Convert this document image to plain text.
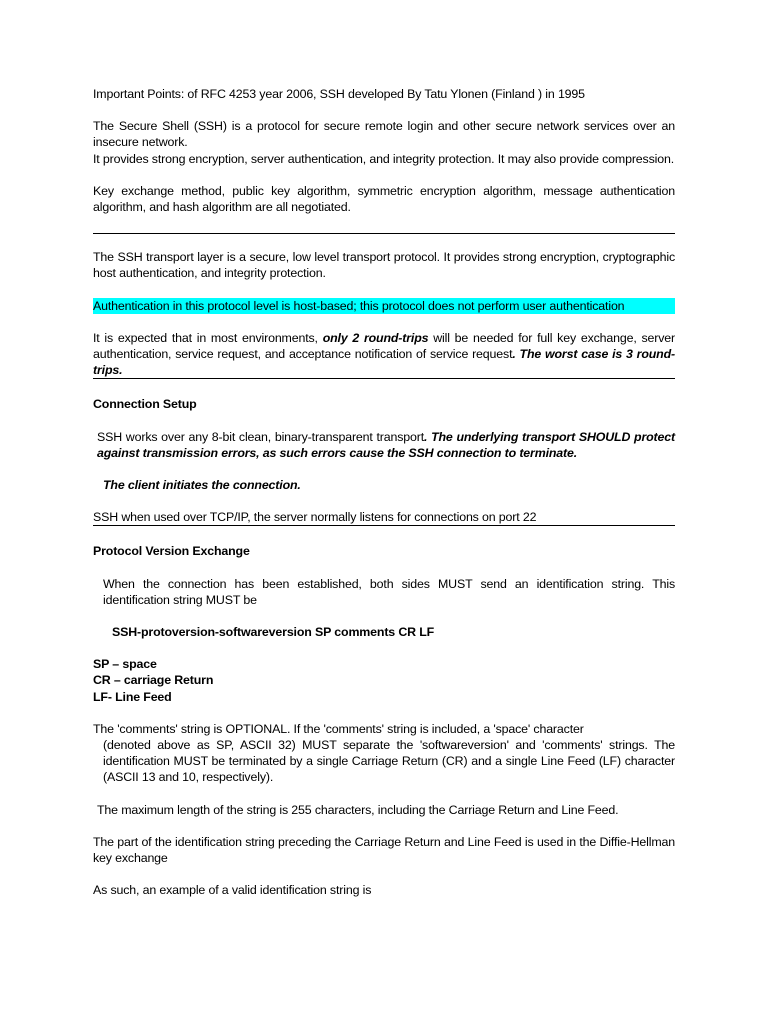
Important Points: of RFC 4253 year 2006, SSH developed By Tatu Ylonen (Finland ) in 1995

The Secure Shell (SSH) is a protocol for secure remote login and other secure network services over an insecure network.

It provides strong encryption, server authentication, and integrity protection. It may also provide compression.

Key exchange method, public key algorithm, symmetric encryption algorithm, message authentication algorithm, and hash algorithm are all negotiated.

The SSH transport layer is a secure, low level transport protocol. It provides strong encryption, cryptographic host authentication, and integrity protection.

Authentication in this protocol level is host-based; this protocol does not perform user authentication

It is expected that in most environments, only 2 round-trips will be needed for full key exchange, server authentication, service request, and acceptance notification of service request. The worst case is 3 round-trips.

Connection Setup

SSH works over any 8-bit clean, binary-transparent transport. The underlying transport SHOULD protect against transmission errors, as such errors cause the SSH connection to terminate.

The client initiates the connection.

SSH when used over TCP/IP, the server normally listens for connections on port 22

Protocol Version Exchange

When the connection has been established, both sides MUST send an identification string. This identification string MUST be

SSH-protoversion-softwareversion SP comments CR LF

SP – space

CR – carriage Return

LF- Line Feed

The 'comments' string is OPTIONAL. If the 'comments' string is included, a 'space' character

(denoted above as SP, ASCII 32) MUST separate the 'softwareversion' and 'comments' strings. The identification MUST be terminated by a single Carriage Return (CR) and a single Line Feed (LF) character (ASCII 13 and 10, respectively).

The maximum length of the string is 255 characters, including the Carriage Return and Line Feed.

The part of the identification string preceding the Carriage Return and Line Feed is used in the Diffie-Hellman key exchange

As such, an example of a valid identification string is
